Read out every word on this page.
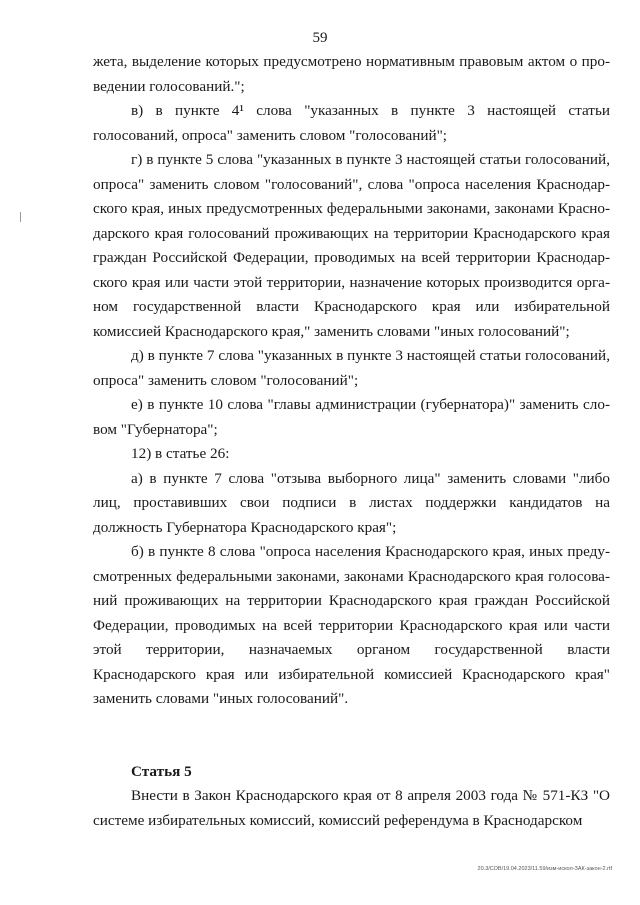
59

жета, выделение которых предусмотрено нормативным правовым актом о проведении голосований.";

в) в пункте 4¹ слова "указанных в пункте 3 настоящей статьи голосований, опроса" заменить словом "голосований";

г) в пункте 5 слова "указанных в пункте 3 настоящей статьи голосований, опроса" заменить словом "голосований", слова "опроса населения Краснодарского края, иных предусмотренных федеральными законами, законами Краснодарского края голосований проживающих на территории Краснодарского края граждан Российской Федерации, проводимых на всей территории Краснодарского края или части этой территории, назначение которых производится органом государственной власти Краснодарского края или избирательной комиссией Краснодарского края," заменить словами "иных голосований";

д) в пункте 7 слова "указанных в пункте 3 настоящей статьи голосований, опроса" заменить словом "голосований";

е) в пункте 10 слова "главы администрации (губернатора)" заменить словом "Губернатора";

12) в статье 26:

а) в пункте 7 слова "отзыва выборного лица" заменить словами "либо лиц, проставивших свои подписи в листах поддержки кандидатов на должность Губернатора Краснодарского края";

б) в пункте 8 слова "опроса населения Краснодарского края, иных предусмотренных федеральными законами, законами Краснодарского края голосований проживающих на территории Краснодарского края граждан Российской Федерации, проводимых на всей территории Краснодарского края или части этой территории, назначаемых органом государственной власти Краснодарского края или избирательной комиссией Краснодарского края" заменить словами "иных голосований".

Статья 5

Внести в Закон Краснодарского края от 8 апреля 2003 года № 571-КЗ "О системе избирательных комиссий, комиссий референдума в Краснодарском

20.3/СОВ/19.04.2023/11.59/изм-искол-ЗАК-закон-2.rtf
